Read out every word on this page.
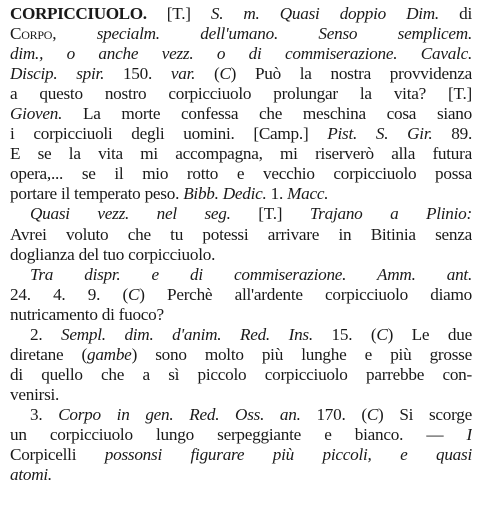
CORPICCIUOLO. [T.] S. m. Quasi doppio Dim. di
Corpo, specialm. dell'umano. Senso semplicem.
dim., o anche vezz. o di commiserazione. Cavalc.
Discip. spir. 150. var. (C) Può la nostra provvidenza
a questo nostro corpicciuolo prolungar la vita? [T.]
Gioven. La morte confessa che meschina cosa siano
i corpicciuoli degli uomini. [Camp.] Pist. S. Gir. 89.
E se la vita mi accompagna, mi riserverò alla futura
opera,... se il mio rotto e vecchio corpicciuolo possa
portare il temperato peso. Bibb. Dedic. 1. Macc.
Quasi vezz. nel seg. [T.] Trajano a Plinio:
Avrei voluto che tu potessi arrivare in Bitinia senza
doglianza del tuo corpicciuolo.
Tra dispr. e di commiserazione. Amm. ant.
24. 4. 9. (C) Perchè all'ardente corpicciuolo diamo
nutricamento di fuoco?
2. Sempl. dim. d'anim. Red. Ins. 15. (C) Le due
diretane (gambe) sono molto più lunghe e più grosse
di quello che a sì piccolo corpicciuolo parrebbe con-
venirsi.
3. Corpo in gen. Red. Oss. an. 170. (C) Si scorge
un corpicciuolo lungo serpeggiante e bianco. — I
Corpicelli possonsi figurare più piccoli, e quasi
atomi.
